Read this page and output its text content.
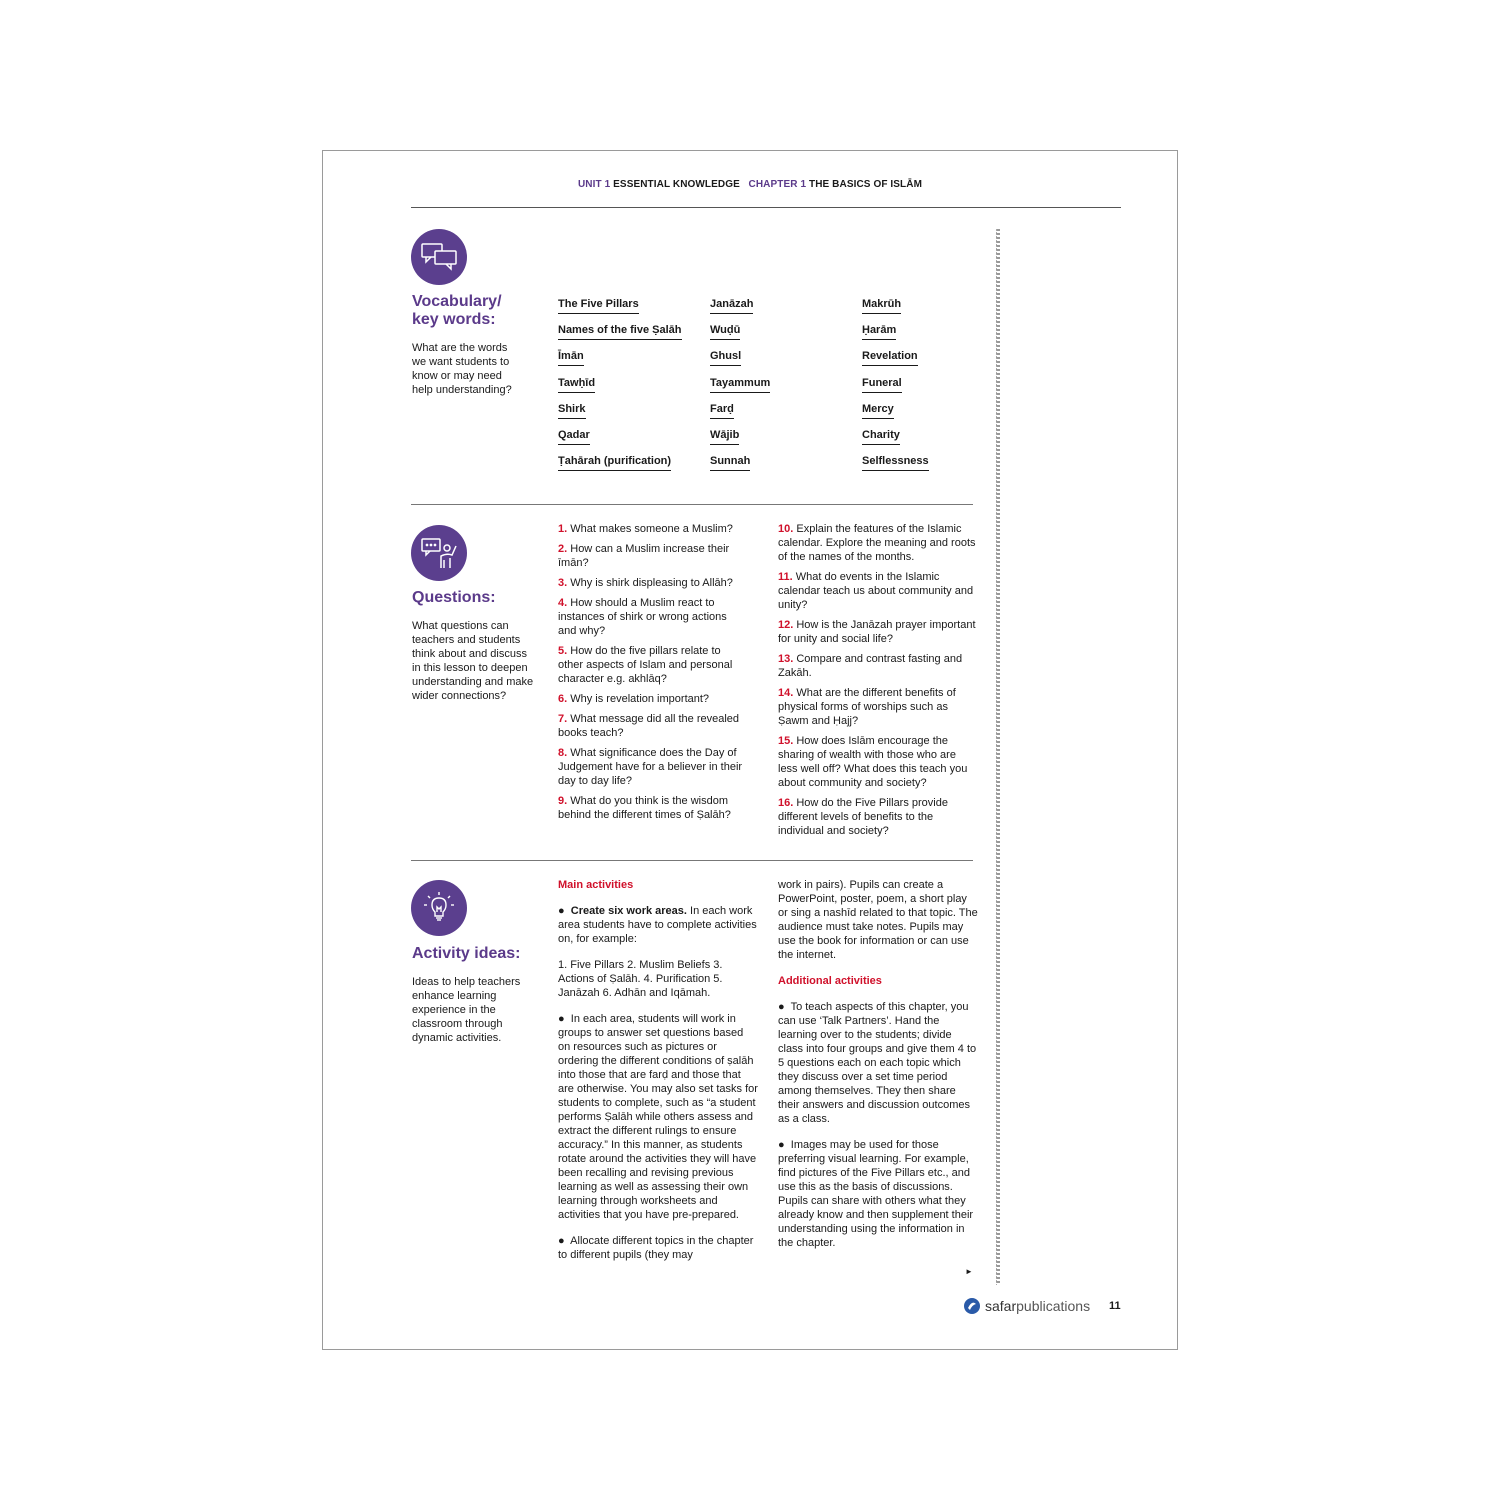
UNIT 1 ESSENTIAL KNOWLEDGE CHAPTER 1 THE BASICS OF ISLĀM
Vocabulary/
key words:
What are the words we want students to know or may need help understanding?
The Five Pillars
Names of the five Ṣalāh
Īmān
Tawḥīd
Shirk
Qadar
Ṭahārah (purification)
Janāzah
Wuḍū
Ghusl
Tayammum
Farḍ
Wājib
Sunnah
Makrūh
Ḥarām
Revelation
Funeral
Mercy
Charity
Selflessness
Questions:
What questions can teachers and students think about and discuss in this lesson to deepen understanding and make wider connections?
1. What makes someone a Muslim?
2. How can a Muslim increase their īmān?
3. Why is shirk displeasing to Allāh?
4. How should a Muslim react to instances of shirk or wrong actions and why?
5. How do the five pillars relate to other aspects of Islam and personal character e.g. akhlāq?
6. Why is revelation important?
7. What message did all the revealed books teach?
8. What significance does the Day of Judgement have for a believer in their day to day life?
9. What do you think is the wisdom behind the different times of Ṣalāh?
10. Explain the features of the Islamic calendar. Explore the meaning and roots of the names of the months.
11. What do events in the Islamic calendar teach us about community and unity?
12. How is the Janāzah prayer important for unity and social life?
13. Compare and contrast fasting and Zakāh.
14. What are the different benefits of physical forms of worships such as Ṣawm and Ḥajj?
15. How does Islām encourage the sharing of wealth with those who are less well off? What does this teach you about community and society?
16. How do the Five Pillars provide different levels of benefits to the individual and society?
Activity ideas:
Ideas to help teachers enhance learning experience in the classroom through dynamic activities.

Main activities

● Create six work areas. In each work area students have to complete activities on, for example:

1. Five Pillars 2. Muslim Beliefs 3. Actions of Ṣalāh. 4. Purification 5. Janāzah 6. Adhān and Iqāmah.

● In each area, students will work in groups to answer set questions based on resources such as pictures or ordering the different conditions of ṣalāh into those that are farḍ and those that are otherwise. You may also set tasks for students to complete, such as “a student performs Ṣalāh while others assess and extract the different rulings to ensure accuracy.” In this manner, as students rotate around the activities they will have been recalling and revising previous learning as well as assessing their own learning through worksheets and activities that you have pre-prepared.

● Allocate different topics in the chapter to different pupils (they may

work in pairs). Pupils can create a PowerPoint, poster, poem, a short play or sing a nashīd related to that topic. The audience must take notes. Pupils may use the book for information or can use the internet.

Additional activities

● To teach aspects of this chapter, you can use ‘Talk Partners’. Hand the learning over to the students; divide class into four groups and give them 4 to 5 questions each on each topic which they discuss over a set time period among themselves. They then share their answers and discussion outcomes as a class.

● Images may be used for those preferring visual learning. For example, find pictures of the Five Pillars etc., and use this as the basis of discussions. Pupils can share with others what they already know and then supplement their understanding using the information in the chapter.

►
safarpublications 11
